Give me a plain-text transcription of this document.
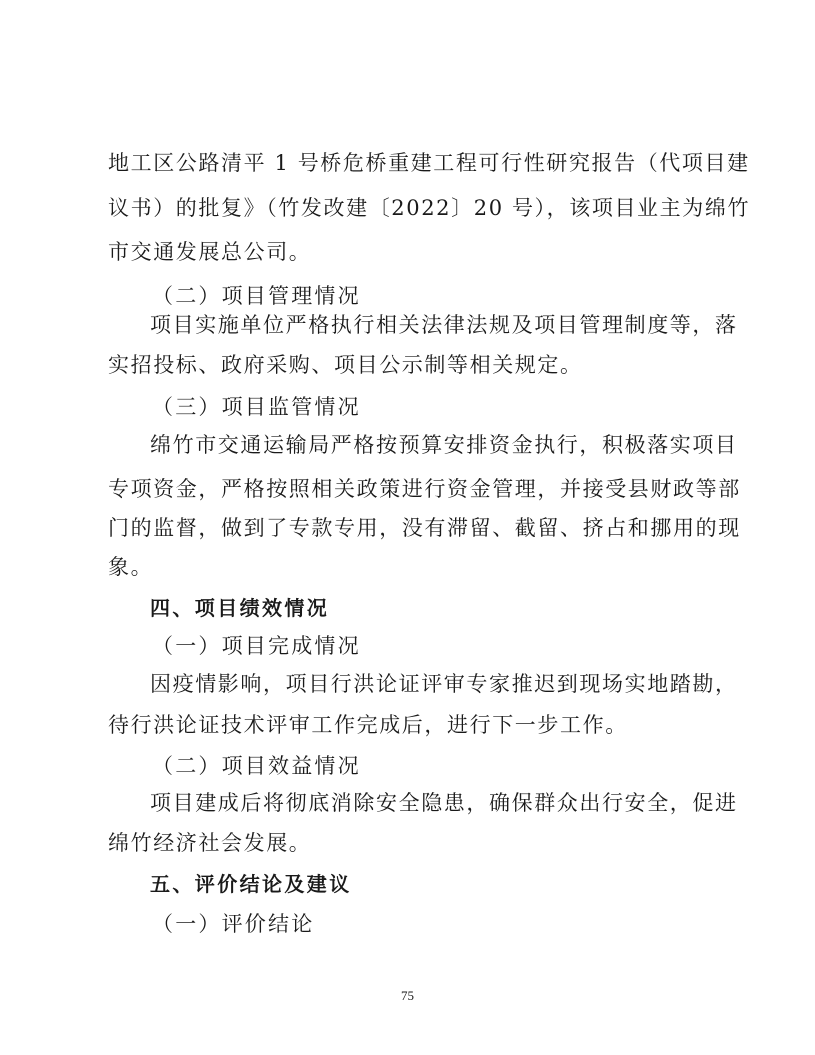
地工区公路清平 1 号桥危桥重建工程可行性研究报告（代项目建
议书）的批复》（竹发改建〔2022〕20 号），该项目业主为绵竹
市交通发展总公司。
（二）项目管理情况
项目实施单位严格执行相关法律法规及项目管理制度等，落
实招投标、政府采购、项目公示制等相关规定。
（三）项目监管情况
绵竹市交通运输局严格按预算安排资金执行，积极落实项目
专项资金，严格按照相关政策进行资金管理，并接受县财政等部
门的监督，做到了专款专用，没有滞留、截留、挤占和挪用的现
象。
四、项目绩效情况
（一）项目完成情况
因疫情影响，项目行洪论证评审专家推迟到现场实地踏勘，
待行洪论证技术评审工作完成后，进行下一步工作。
（二）项目效益情况
项目建成后将彻底消除安全隐患，确保群众出行安全，促进
绵竹经济社会发展。
五、评价结论及建议
（一）评价结论
75
